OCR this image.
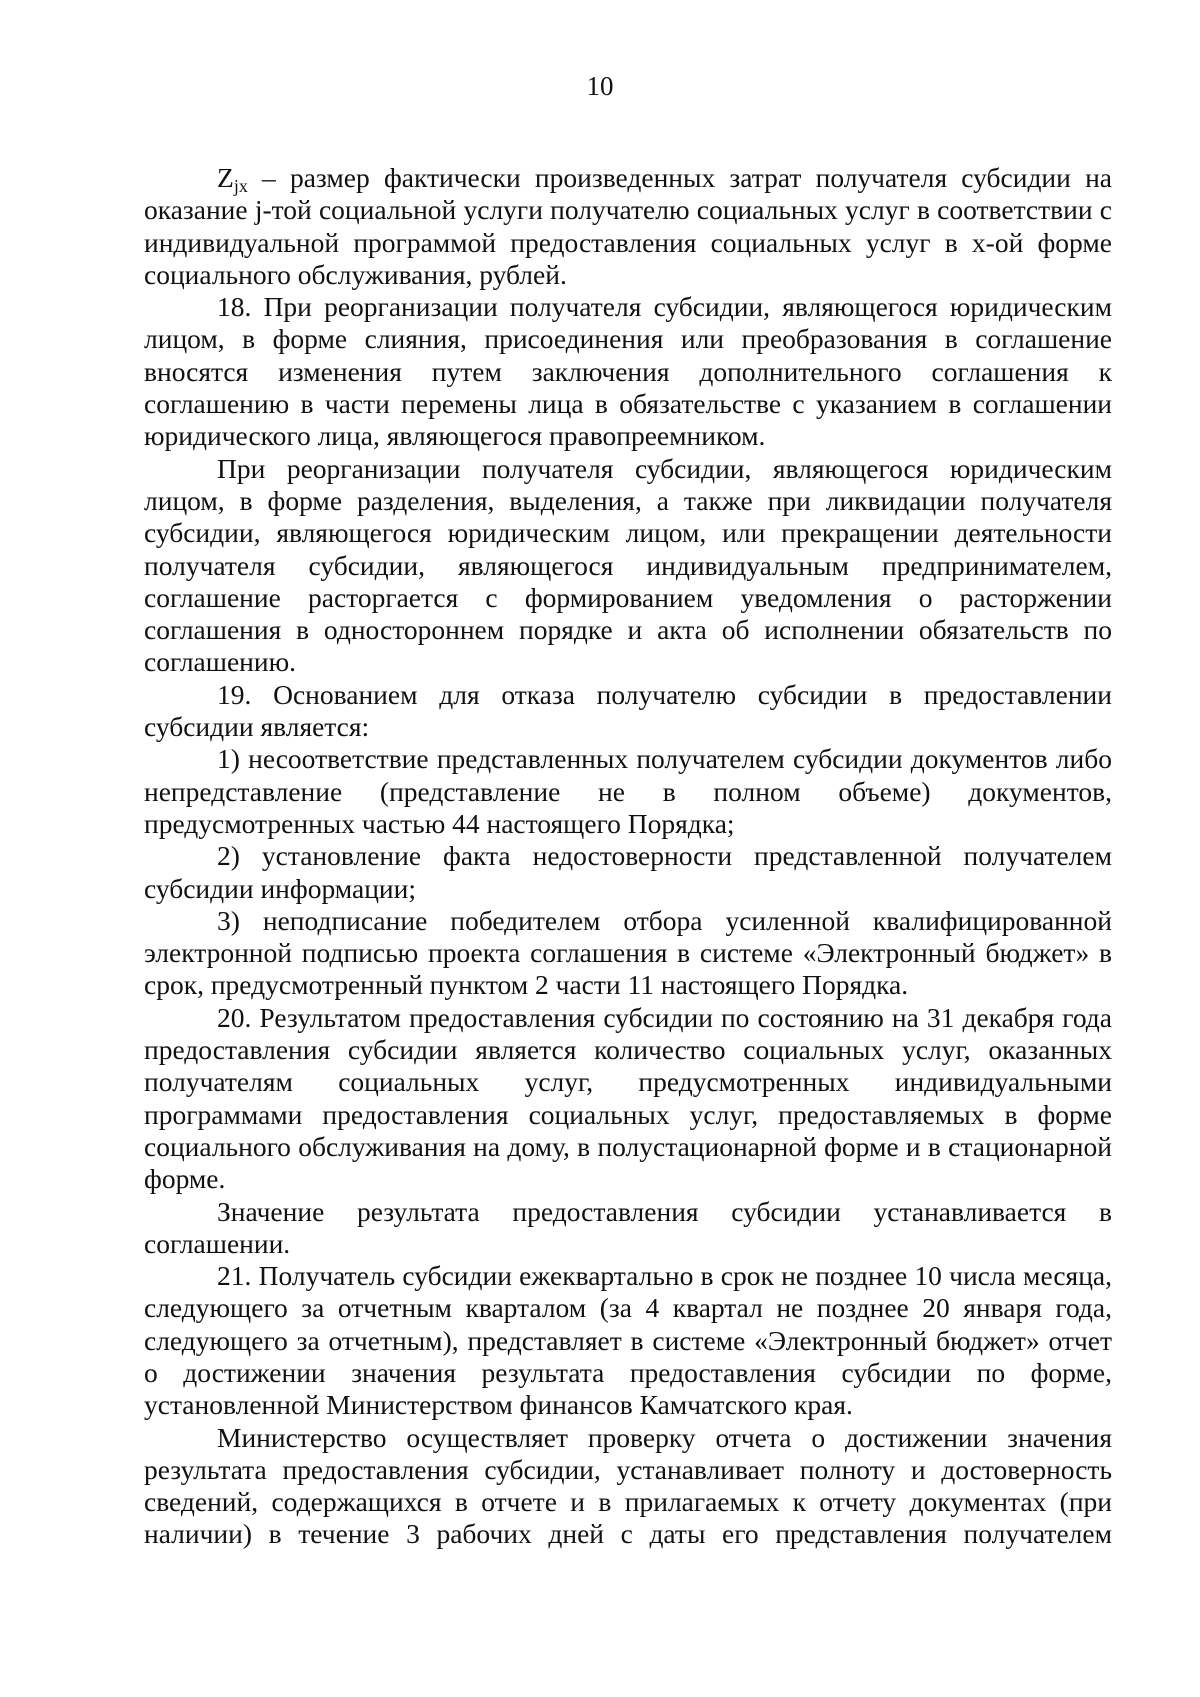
10

Zjx – размер фактически произведенных затрат получателя субсидии на оказание j-той социальной услуги получателю социальных услуг в соответствии с индивидуальной программой предоставления социальных услуг в х-ой форме социального обслуживания, рублей.

18. При реорганизации получателя субсидии, являющегося юридическим лицом, в форме слияния, присоединения или преобразования в соглашение вносятся изменения путем заключения дополнительного соглашения к соглашению в части перемены лица в обязательстве с указанием в соглашении юридического лица, являющегося правопреемником.

При реорганизации получателя субсидии, являющегося юридическим лицом, в форме разделения, выделения, а также при ликвидации получателя субсидии, являющегося юридическим лицом, или прекращении деятельности получателя субсидии, являющегося индивидуальным предпринимателем, соглашение расторгается с формированием уведомления о расторжении соглашения в одностороннем порядке и акта об исполнении обязательств по соглашению.

19. Основанием для отказа получателю субсидии в предоставлении субсидии является:

1) несоответствие представленных получателем субсидии документов либо непредставление (представление не в полном объеме) документов, предусмотренных частью 44 настоящего Порядка;

2) установление факта недостоверности представленной получателем субсидии информации;

3) неподписание победителем отбора усиленной квалифицированной электронной подписью проекта соглашения в системе «Электронный бюджет» в срок, предусмотренный пунктом 2 части 11 настоящего Порядка.

20. Результатом предоставления субсидии по состоянию на 31 декабря года предоставления субсидии является количество социальных услуг, оказанных получателям социальных услуг, предусмотренных индивидуальными программами предоставления социальных услуг, предоставляемых в форме социального обслуживания на дому, в полустационарной форме и в стационарной форме.

Значение результата предоставления субсидии устанавливается в соглашении.

21. Получатель субсидии ежеквартально в срок не позднее 10 числа месяца, следующего за отчетным кварталом (за 4 квартал не позднее 20 января года, следующего за отчетным), представляет в системе «Электронный бюджет» отчет о достижении значения результата предоставления субсидии по форме, установленной Министерством финансов Камчатского края.

Министерство осуществляет проверку отчета о достижении значения результата предоставления субсидии, устанавливает полноту и достоверность сведений, содержащихся в отчете и в прилагаемых к отчету документах (при наличии) в течение 3 рабочих дней с даты его представления получателем
